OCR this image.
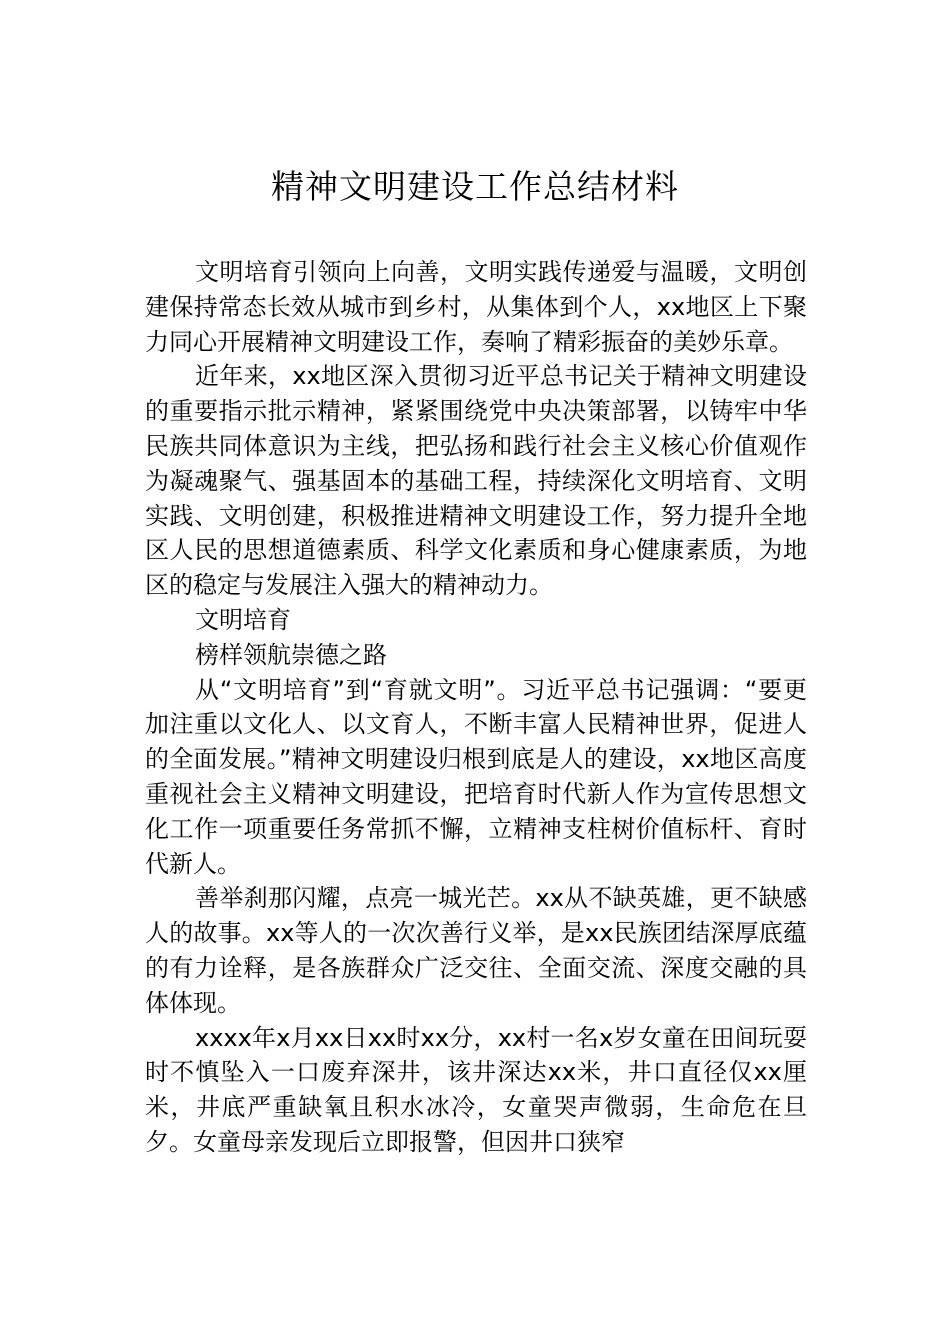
精神文明建设工作总结材料

文明培育引领向上向善，文明实践传递爱与温暖，文明创建保持常态长效从城市到乡村，从集体到个人，xx地区上下聚力同心开展精神文明建设工作，奏响了精彩振奋的美妙乐章。

近年来，xx地区深入贯彻习近平总书记关于精神文明建设的重要指示批示精神，紧紧围绕党中央决策部署，以铸牢中华民族共同体意识为主线，把弘扬和践行社会主义核心价值观作为凝魂聚气、强基固本的基础工程，持续深化文明培育、文明实践、文明创建，积极推进精神文明建设工作，努力提升全地区人民的思想道德素质、科学文化素质和身心健康素质，为地区的稳定与发展注入强大的精神动力。

文明培育

榜样领航崇德之路

从“文明培育”到“育就文明”。习近平总书记强调：“要更加注重以文化人、以文育人，不断丰富人民精神世界，促进人的全面发展。”精神文明建设归根到底是人的建设，xx地区高度重视社会主义精神文明建设，把培育时代新人作为宣传思想文化工作一项重要任务常抓不懈，立精神支柱树价值标杆、育时代新人。

善举刹那闪耀，点亮一城光芒。xx从不缺英雄，更不缺感人的故事。xx等人的一次次善行义举，是xx民族团结深厚底蕴的有力诠释，是各族群众广泛交往、全面交流、深度交融的具体体现。

xxxx年x月xx日xx时xx分，xx村一名x岁女童在田间玩耍时不慎坠入一口废弃深井，该井深达xx米，井口直径仅xx厘米，井底严重缺氧且积水冰冷，女童哭声微弱，生命危在旦夕。女童母亲发现后立即报警，但因井口狭窄
